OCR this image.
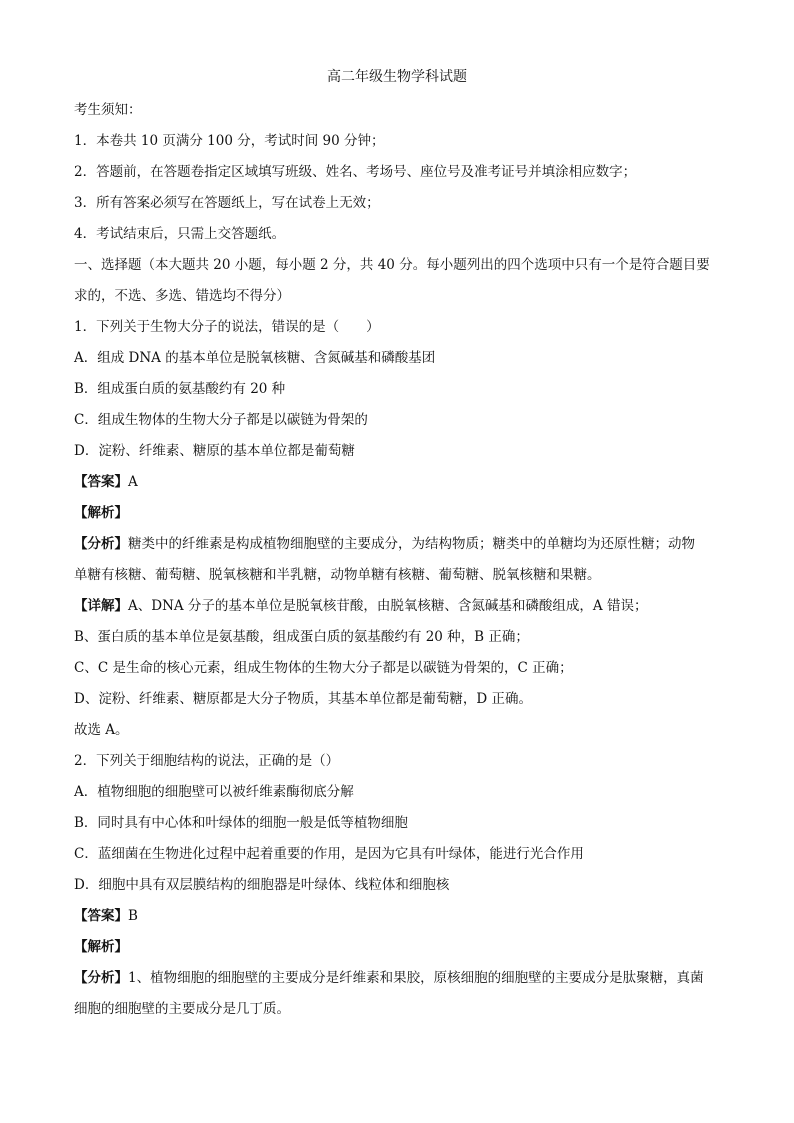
高二年级生物学科试题
考生须知：
1．本卷共 10 页满分 100 分，考试时间 90 分钟；
2．答题前，在答题卷指定区域填写班级、姓名、考场号、座位号及准考证号并填涂相应数字；
3．所有答案必须写在答题纸上，写在试卷上无效；
4．考试结束后，只需上交答题纸。
一、选择题（本大题共 20 小题，每小题 2 分，共 40 分。每小题列出的四个选项中只有一个是符合题目要
求的，不选、多选、错选均不得分）
1．下列关于生物大分子的说法，错误的是（　　）
A．组成 DNA 的基本单位是脱氧核糖、含氮碱基和磷酸基团
B．组成蛋白质的氨基酸约有 20 种
C．组成生物体的生物大分子都是以碳链为骨架的
D．淀粉、纤维素、糖原的基本单位都是葡萄糖
【答案】A
【解析】
【分析】糖类中的纤维素是构成植物细胞壁的主要成分，为结构物质；糖类中的单糖均为还原性糖；动物
单糖有核糖、葡萄糖、脱氧核糖和半乳糖，动物单糖有核糖、葡萄糖、脱氧核糖和果糖。
【详解】A、DNA 分子的基本单位是脱氧核苷酸，由脱氧核糖、含氮碱基和磷酸组成，A 错误；
B、蛋白质的基本单位是氨基酸，组成蛋白质的氨基酸约有 20 种，B 正确；
C、C 是生命的核心元素，组成生物体的生物大分子都是以碳链为骨架的，C 正确；
D、淀粉、纤维素、糖原都是大分子物质，其基本单位都是葡萄糖，D 正确。
故选 A。
2．下列关于细胞结构的说法，正确的是（）
A．植物细胞的细胞壁可以被纤维素酶彻底分解
B．同时具有中心体和叶绿体的细胞一般是低等植物细胞
C．蓝细菌在生物进化过程中起着重要的作用，是因为它具有叶绿体，能进行光合作用
D．细胞中具有双层膜结构的细胞器是叶绿体、线粒体和细胞核
【答案】B
【解析】
【分析】1、植物细胞的细胞壁的主要成分是纤维素和果胶，原核细胞的细胞壁的主要成分是肽聚糖，真菌
细胞的细胞壁的主要成分是几丁质。
